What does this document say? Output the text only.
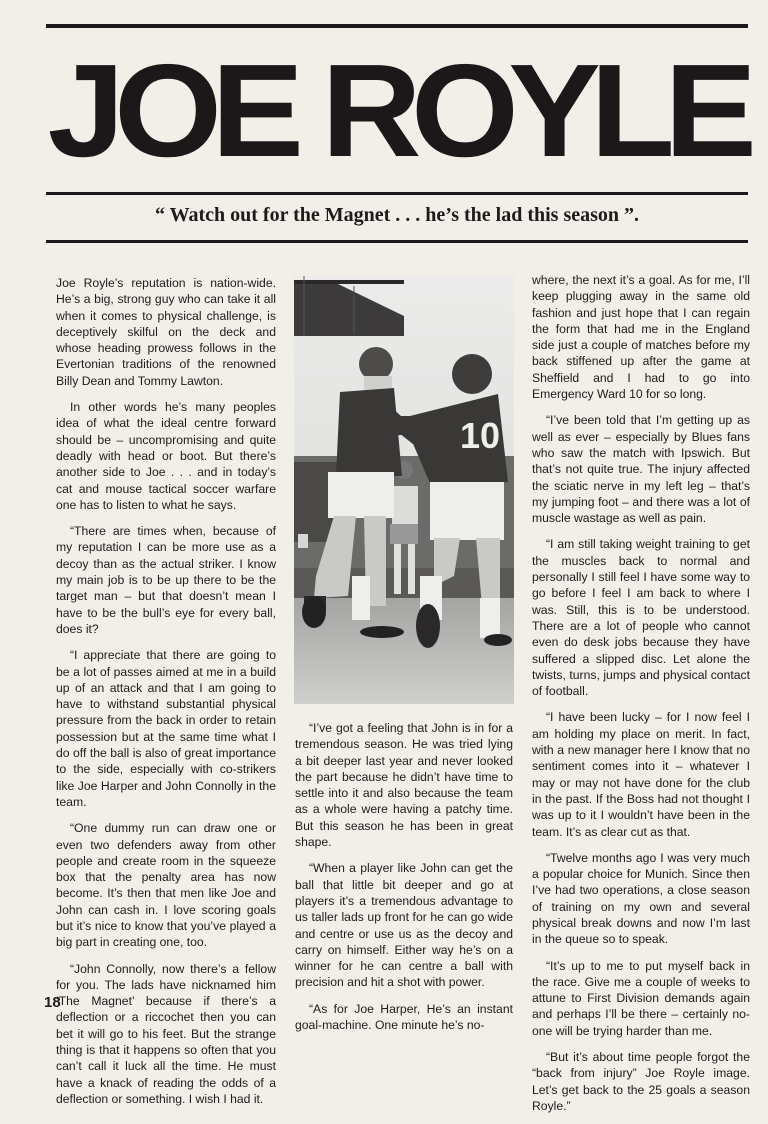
JOE ROYLE
“ Watch out for the Magnet . . . he’s the lad this season ”.

Joe Royle’s reputation is nation-wide. He’s a big, strong guy who can take it all when it comes to physical challenge, is deceptively skilful on the deck and whose heading prowess follows in the Evertonian traditions of the renowned Billy Dean and Tommy Lawton.

In other words he’s many peoples idea of what the ideal centre forward should be – uncompromising and quite deadly with head or boot. But there’s another side to Joe . . . and in today’s cat and mouse tactical soccer warfare one has to listen to what he says.

“There are times when, because of my reputation I can be more use as a decoy than as the actual striker. I know my main job is to be up there to be the target man – but that doesn’t mean I have to be the bull’s eye for every ball, does it?

“I appreciate that there are going to be a lot of passes aimed at me in a build up of an attack and that I am going to have to withstand substantial physical pressure from the back in order to retain possession but at the same time what I do off the ball is also of great importance to the side, especially with co-strikers like Joe Harper and John Connolly in the team.

“One dummy run can draw one or even two defenders away from other people and create room in the squeeze box that the penalty area has now become. It’s then that men like Joe and John can cash in. I love scoring goals but it’s nice to know that you’ve played a big part in creating one, too.

“John Connolly, now there’s a fellow for you. The lads have nicknamed him ‘The Magnet’ because if there’s a deflection or a riccochet then you can bet it will go to his feet. But the strange thing is that it happens so often that you can’t call it luck all the time. He must have a knack of reading the odds of a deflection or something. I wish I had it.

10

“I’ve got a feeling that John is in for a tremendous season. He was tried lying a bit deeper last year and never looked the part because he didn’t have time to settle into it and also because the team as a whole were having a patchy time. But this season he has been in great shape.

“When a player like John can get the ball that little bit deeper and go at players it’s a tremendous advantage to us taller lads up front for he can go wide and centre or use us as the decoy and carry on himself. Either way he’s on a winner for he can centre a ball with precision and hit a shot with power.

“As for Joe Harper, He’s an instant goal-machine. One minute he’s no-

where, the next it’s a goal. As for me, I’ll keep plugging away in the same old fashion and just hope that I can regain the form that had me in the England side just a couple of matches before my back stiffened up after the game at Sheffield and I had to go into Emergency Ward 10 for so long.

“I’ve been told that I’m getting up as well as ever – especially by Blues fans who saw the match with Ipswich. But that’s not quite true. The injury affected the sciatic nerve in my left leg – that’s my jumping foot – and there was a lot of muscle wastage as well as pain.

“I am still taking weight training to get the muscles back to normal and personally I still feel I have some way to go before I feel I am back to where I was. Still, this is to be understood. There are a lot of people who cannot even do desk jobs because they have suffered a slipped disc. Let alone the twists, turns, jumps and physical contact of football.

“I have been lucky – for I now feel I am holding my place on merit. In fact, with a new manager here I know that no sentiment comes into it – whatever I may or may not have done for the club in the past. If the Boss had not thought I was up to it I wouldn’t have been in the team. It’s as clear cut as that.

“Twelve months ago I was very much a popular choice for Munich. Since then I’ve had two operations, a close season of training on my own and several physical break downs and now I’m last in the queue so to speak.

“It’s up to me to put myself back in the race. Give me a couple of weeks to attune to First Division demands again and perhaps I’ll be there – certainly no-one will be trying harder than me.

“But it’s about time people forgot the “back from injury” Joe Royle image. Let’s get back to the 25 goals a season Royle.”

18
